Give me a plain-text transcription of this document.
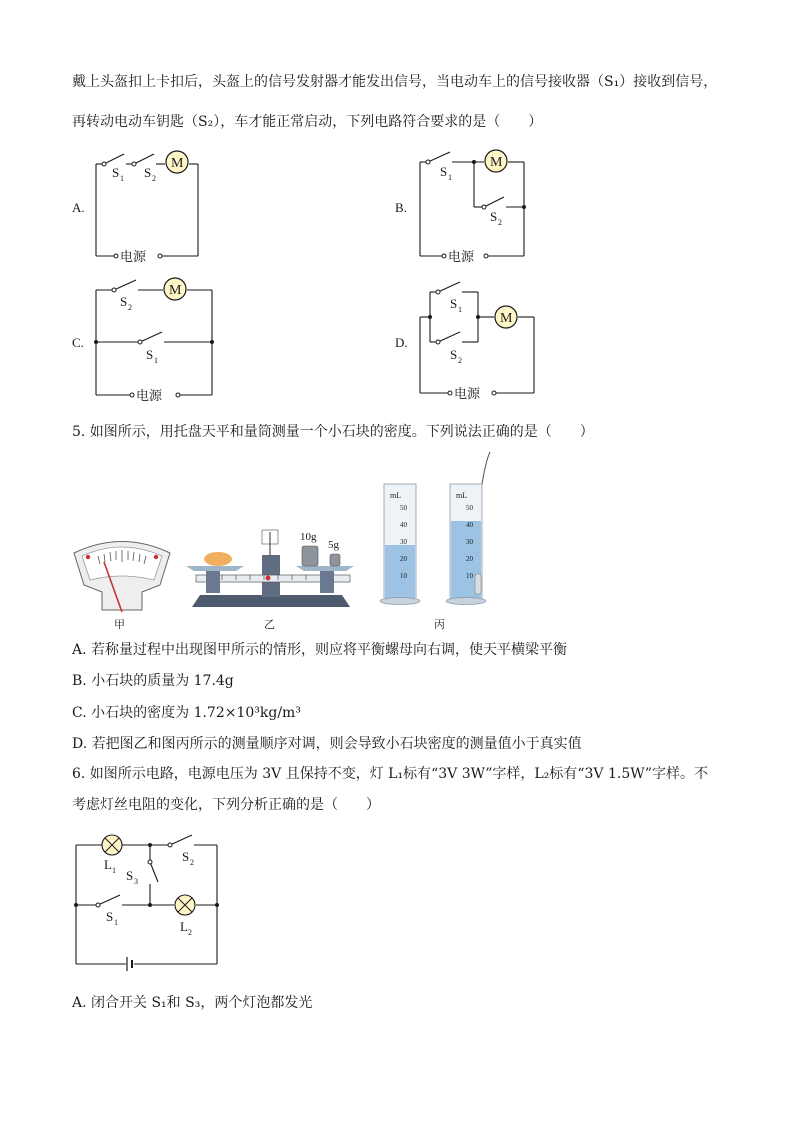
戴上头盔扣上卡扣后，头盔上的信号发射器才能发出信号，当电动车上的信号接收器（S₁）接收到信号，
再转动电动车钥匙（S₂），车才能正常启动，下列电路符合要求的是（　　）
A.	B.
C.	D.
M
S 1 S 2
电源
M
S 1
S 2
电源
M
S 2
S 1
电源
M
S 1
S 2
电源
5. 如图所示，用托盘天平和量筒测量一个小石块的密度。下列说法正确的是（　　）
甲
10g
5g
乙
mL
50
40
30
20
10
mL
50
40
30
20
10
丙
A. 若称量过程中出现图甲所示的情形，则应将平衡螺母向右调，使天平横梁平衡
B. 小石块的质量为 17.4g
C. 小石块的密度为 1.72×10³kg/m³
D. 若把图乙和图丙所示的测量顺序对调，则会导致小石块密度的测量值小于真实值
6. 如图所示电路，电源电压为 3V 且保持不变，灯 L₁标有“3V 3W”字样，L₂标有“3V 1.5W”字样。不
考虑灯丝电阻的变化，下列分析正确的是（　　）
L 1
L 2
S 2
S 3
S 1
A. 闭合开关 S₁和 S₃，两个灯泡都发光
